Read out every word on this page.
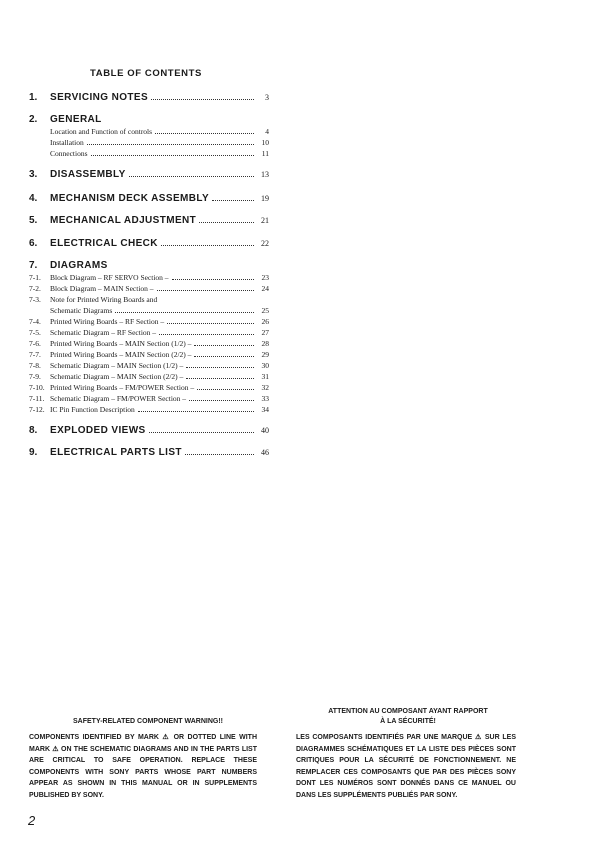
TABLE OF CONTENTS
1. SERVICING NOTES	3
2. GENERAL
Location and Function of controls	4
Installation	10
Connections	11
3. DISASSEMBLY	13
4. MECHANISM DECK ASSEMBLY	19
5. MECHANICAL ADJUSTMENT	21
6. ELECTRICAL CHECK	22
7. DIAGRAMS
7-1. Block Diagram – RF SERVO Section –	23
7-2. Block Diagram – MAIN Section –	24
7-3. Note for Printed Wiring Boards and
Schematic Diagrams	25
7-4. Printed Wiring Boards – RF Section –	26
7-5. Schematic Diagram – RF Section –	27
7-6. Printed Wiring Boards – MAIN Section (1/2) –	28
7-7. Printed Wiring Boards – MAIN Section (2/2) –	29
7-8. Schematic Diagram – MAIN Section (1/2) –	30
7-9. Schematic Diagram – MAIN Section (2/2) –	31
7-10. Printed Wiring Boards – FM/POWER Section –	32
7-11. Schematic Diagram – FM/POWER Section –	33
7-12. IC Pin Function Description	34
8. EXPLODED VIEWS	40
9. ELECTRICAL PARTS LIST	46
SAFETY-RELATED COMPONENT WARNING!!
COMPONENTS IDENTIFIED BY MARK ⚠ OR DOTTED LINE WITH MARK ⚠ ON THE SCHEMATIC DIAGRAMS AND IN THE PARTS LIST ARE CRITICAL TO SAFE OPERATION. REPLACE THESE COMPONENTS WITH SONY PARTS WHOSE PART NUMBERS APPEAR AS SHOWN IN THIS MANUAL OR IN SUPPLEMENTS PUBLISHED BY SONY.
ATTENTION AU COMPOSANT AYANT RAPPORT
À LA SÉCURITÉ!
LES COMPOSANTS IDENTIFIÉS PAR UNE MARQUE ⚠ SUR LES DIAGRAMMES SCHÉMATIQUES ET LA LISTE DES PIÈCES SONT CRITIQUES POUR LA SÉCURITÉ DE FONCTIONNEMENT. NE REMPLACER CES COMPOSANTS QUE PAR DES PIÈCES SONY DONT LES NUMÉROS SONT DONNÉS DANS CE MANUEL OU DANS LES SUPPLÉMENTS PUBLIÉS PAR SONY.
2
